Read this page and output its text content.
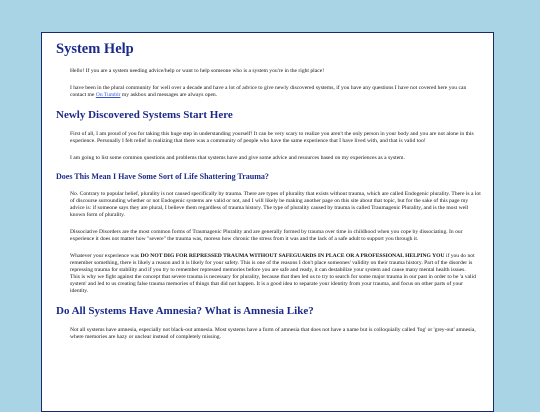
System Help

Hello! If you are a system needing advice/help or want to help someone who is a system you're in the right place!

I have been in the plural community for well over a decade and have a lot of advice to give newly discovered systems, if you have any questions I have not covered here you can contact me On Tumblr my askbox and messages are always open.

Newly Discovered Systems Start Here

First of all, I am proud of you for taking this huge step in understanding yourself! It can be very scary to realize you aren't the only person in your body and you are not alone in this experience. Personally I felt relief in realizing that there was a community of people who have the same experience that I have lived with, and that is valid too!

I am going to list some common questions and problems that systems have and give some advice and resources based on my experiences as a system.

Does This Mean I Have Some Sort of Life Shattering Trauma?

No. Contrary to popular belief, plurality is not caused specifically by trauma. There are types of plurality that exists without trauma, which are called Endogenic plurality. There is a lot of discourse surrounding whether or not Endogenic systems are valid or not, and I will likely be making another page on this site about that topic, but for the sake of this page my advice is: if someone says they are plural, I believe them regardless of trauma history. The type of plurality caused by trauma is called Traumagenic Plurality, and is the most well known form of plurality.

Dissociative Disorders are the most common forms of Traumagenic Plurality and are generally formed by trauma over time in childhood when you cope by dissociating. In our experience it does not matter how "severe" the trauma was, moreso how chronic the stress from it was and the lack of a safe adult to support you through it.

Whatever your experience was DO NOT DIG FOR REPRESSED TRAUMA WITHOUT SAFEGUARDS IN PLACE OR A PROFESSIONAL HELPING YOU if you do not remember something, there is likely a reason and it is likely for your safety. This is one of the reasons I don't place someones' validity on their trauma history. Part of the disorder is repressing trauma for stability and if you try to remember repressed memories before you are safe and ready, it can destabilize your system and cause many mental health issues.
This is why we fight against the concept that severe trauma is necessary for plurality, because that then led us to try to search for some major trauma in our past in order to be 'a valid system' and led to us creating false trauma memories of things that did not happen. It is a good idea to separate your identity from your trauma, and focus on other parts of your identity.

Do All Systems Have Amnesia? What is Amnesia Like?

Not all systems have amnesia, especially not black-out amnesia. Most systems have a form of amnesia that does not have a name but is colloquially called 'fog' or 'grey-out' amnesia, where memories are hazy or unclear instead of completely missing.
